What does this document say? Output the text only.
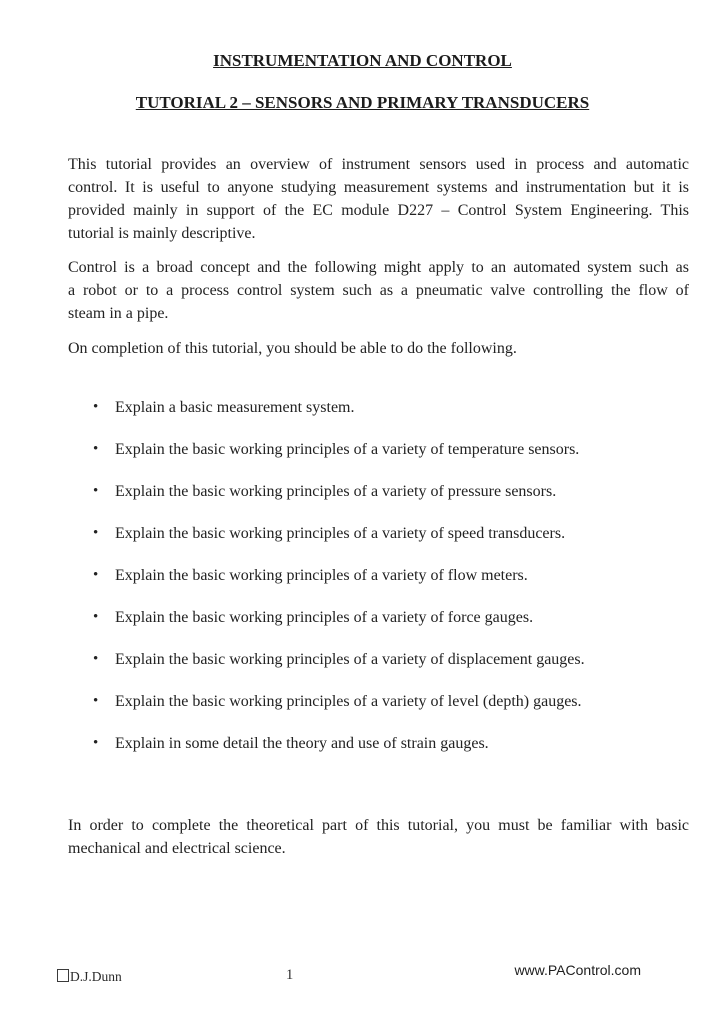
INSTRUMENTATION AND CONTROL
TUTORIAL 2 – SENSORS AND PRIMARY TRANSDUCERS
This tutorial provides an overview of instrument sensors used in process and automatic
control. It is useful to anyone studying measurement systems and instrumentation but it is
provided mainly in support of the EC module D227 – Control System Engineering. This
tutorial is mainly descriptive.
Control is a broad concept and the following might apply to an automated system such as
a robot or to a process control system such as a pneumatic valve controlling the flow of
steam in a pipe.
On completion of this tutorial, you should be able to do the following.
•	Explain a basic measurement system.
•	Explain the basic working principles of a variety of temperature sensors.
•	Explain the basic working principles of a variety of pressure sensors.
•	Explain the basic working principles of a variety of speed transducers.
•	Explain the basic working principles of a variety of flow meters.
•	Explain the basic working principles of a variety of force gauges.
•	Explain the basic working principles of a variety of displacement gauges.
•	Explain the basic working principles of a variety of level (depth) gauges.
•	Explain in some detail the theory and use of strain gauges.
In order to complete the theoretical part of this tutorial, you must be familiar with basic
mechanical and electrical science.
D.J.Dunn	1	www.PAControl.com
